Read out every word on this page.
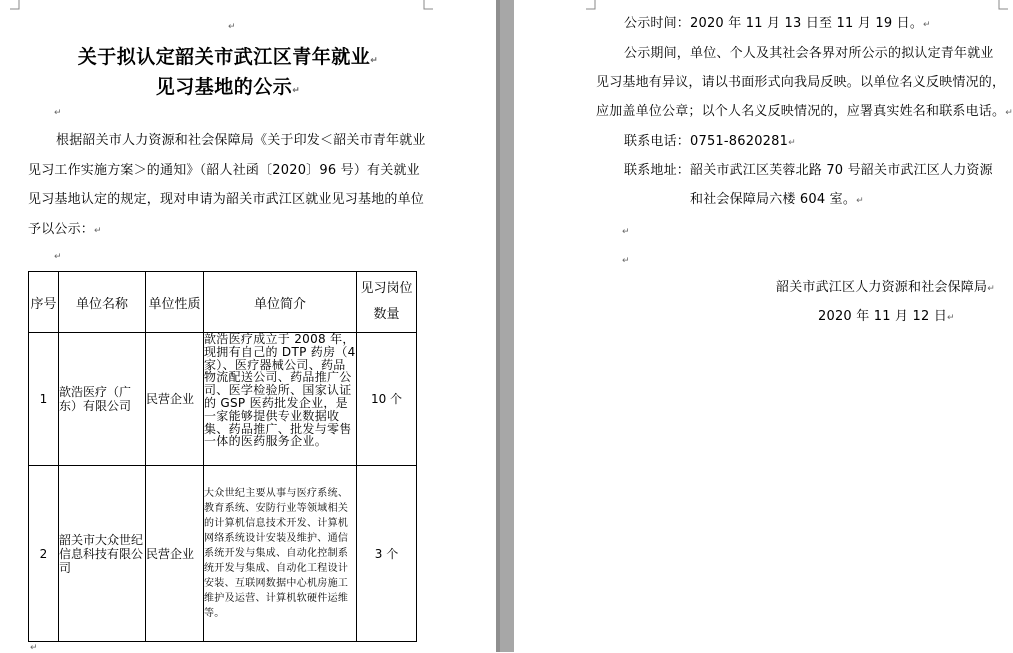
↵
关于拟认定韶关市武江区青年就业↵
见习基地的公示↵
↵
根据韶关市人力资源和社会保障局《关于印发＜韶关市青年就业
见习工作实施方案＞的通知》（韶人社函〔2020〕96 号）有关就业
见习基地认定的规定，现对申请为韶关市武江区就业见习基地的单位
予以公示：↵
↵
序号	单位名称	单位性质	单位简介	见习岗位
数量

1	歆浩医疗（广东）有限公司	民营企业	歆浩医疗成立于 2008 年，现拥有自己的 DTP 药房（4 家）、医疗器械公司、药品物流配送公司、药品推广公司、医学检验所、国家认证的 GSP 医药批发企业，是一家能够提供专业数据收集、药品推广、批发与零售一体的医药服务企业。	10 个
2	韶关市大众世纪信息科技有限公司	民营企业	大众世纪主要从事与医疗系统、教育系统、安防行业等领域相关的计算机信息技术开发、计算机网络系统设计安装及维护、通信系统开发与集成、自动化控制系统开发与集成、自动化工程设计安装、互联网数据中心机房施工维护及运营、计算机软硬件运维等。	3 个
↵
公示时间：2020 年 11 月 13 日至 11 月 19 日。↵
公示期间，单位、个人及其社会各界对所公示的拟认定青年就业
见习基地有异议，请以书面形式向我局反映。以单位名义反映情况的，
应加盖单位公章；以个人名义反映情况的，应署真实姓名和联系电话。↵
联系电话：0751-8620281↵
联系地址：韶关市武江区芙蓉北路 70 号韶关市武江区人力资源
和社会保障局六楼 604 室。↵
↵
↵
韶关市武江区人力资源和社会保障局↵
2020 年 11 月 12 日↵
